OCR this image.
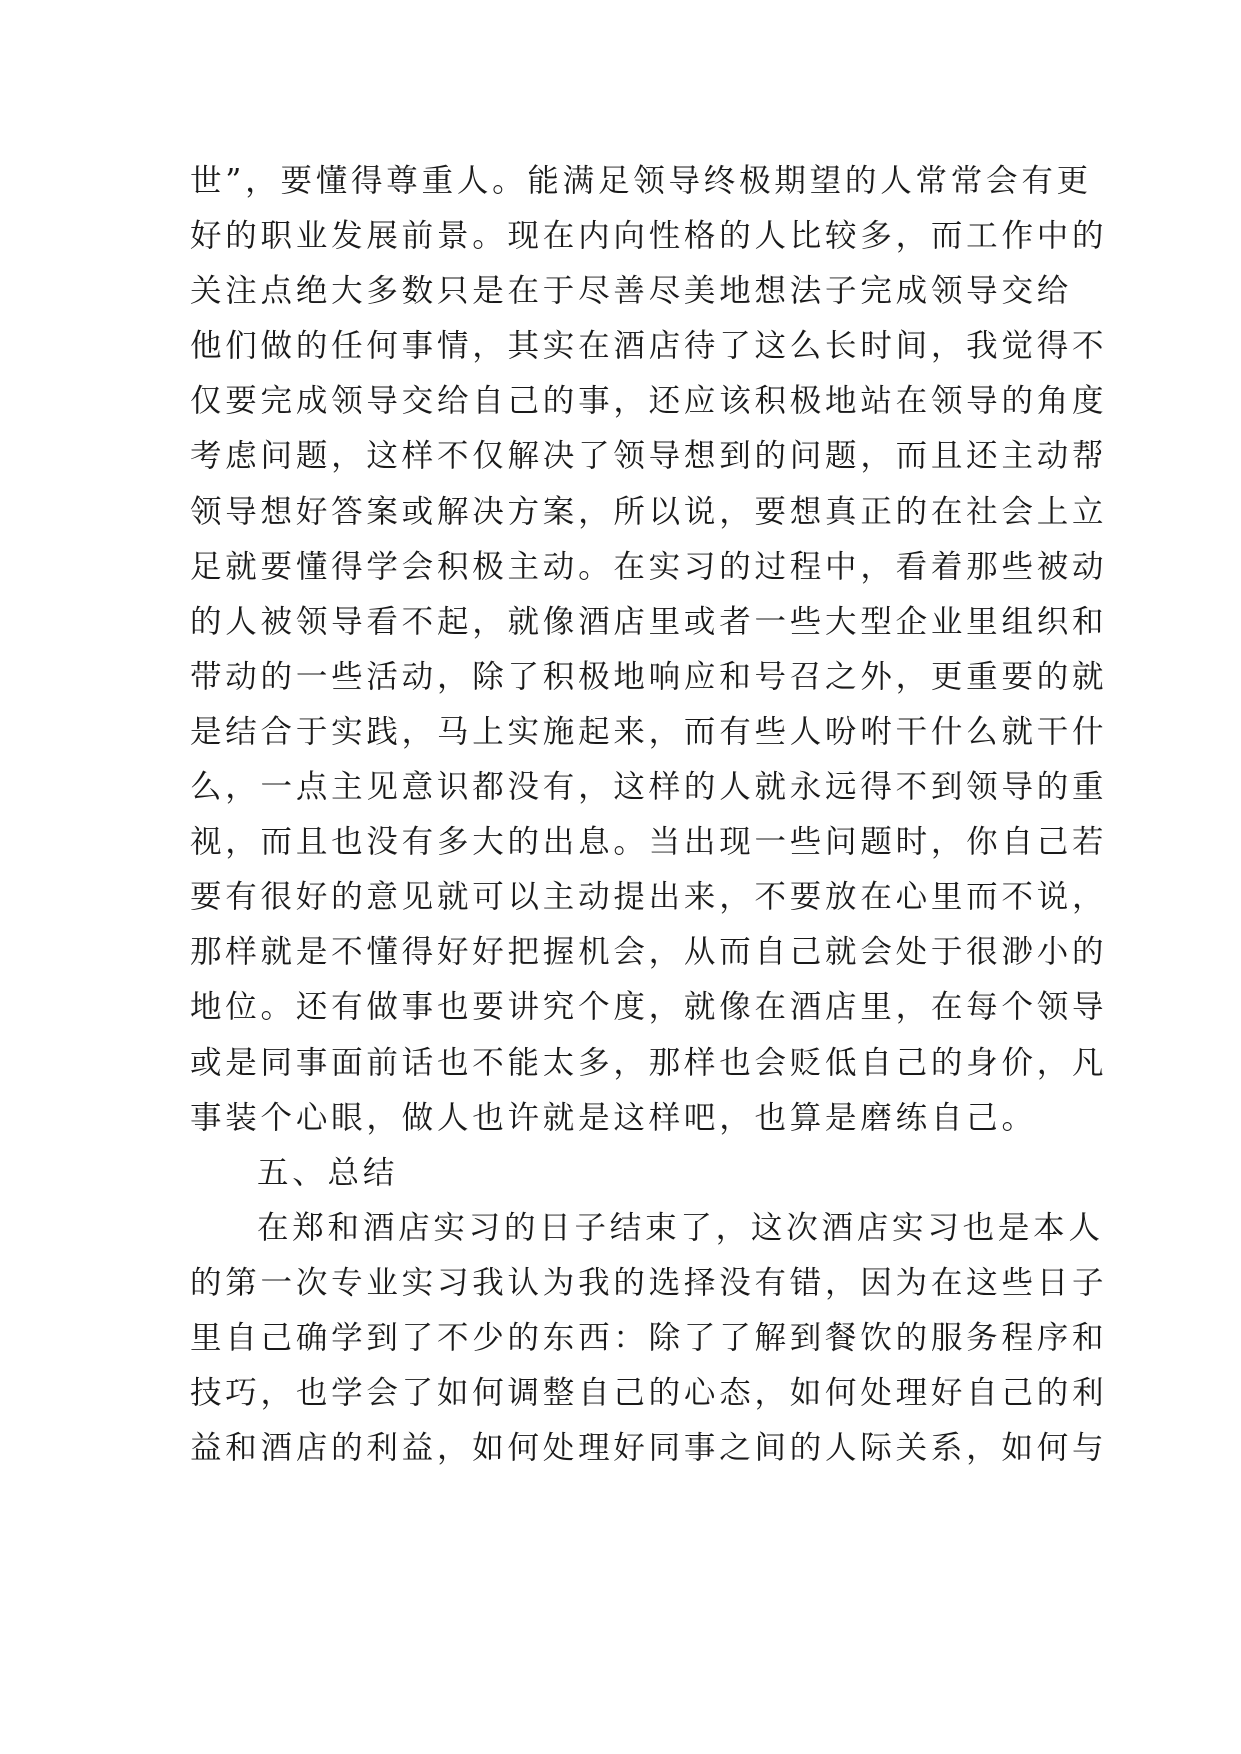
世”，要懂得尊重人。能满足领导终极期望的人常常会有更
好的职业发展前景。现在内向性格的人比较多，而工作中的
关注点绝大多数只是在于尽善尽美地想法子完成领导交给
他们做的任何事情，其实在酒店待了这么长时间，我觉得不
仅要完成领导交给自己的事，还应该积极地站在领导的角度
考虑问题，这样不仅解决了领导想到的问题，而且还主动帮
领导想好答案或解决方案，所以说，要想真正的在社会上立
足就要懂得学会积极主动。在实习的过程中，看着那些被动
的人被领导看不起，就像酒店里或者一些大型企业里组织和
带动的一些活动，除了积极地响应和号召之外，更重要的就
是结合于实践，马上实施起来，而有些人吩咐干什么就干什
么，一点主见意识都没有，这样的人就永远得不到领导的重
视，而且也没有多大的出息。当出现一些问题时，你自己若
要有很好的意见就可以主动提出来，不要放在心里而不说，
那样就是不懂得好好把握机会，从而自己就会处于很渺小的
地位。还有做事也要讲究个度，就像在酒店里，在每个领导
或是同事面前话也不能太多，那样也会贬低自己的身价，凡
事装个心眼，做人也许就是这样吧，也算是磨练自己。
五、总结
在郑和酒店实习的日子结束了，这次酒店实习也是本人
的第一次专业实习我认为我的选择没有错，因为在这些日子
里自己确学到了不少的东西：除了了解到餐饮的服务程序和
技巧，也学会了如何调整自己的心态，如何处理好自己的利
益和酒店的利益，如何处理好同事之间的人际关系，如何与
